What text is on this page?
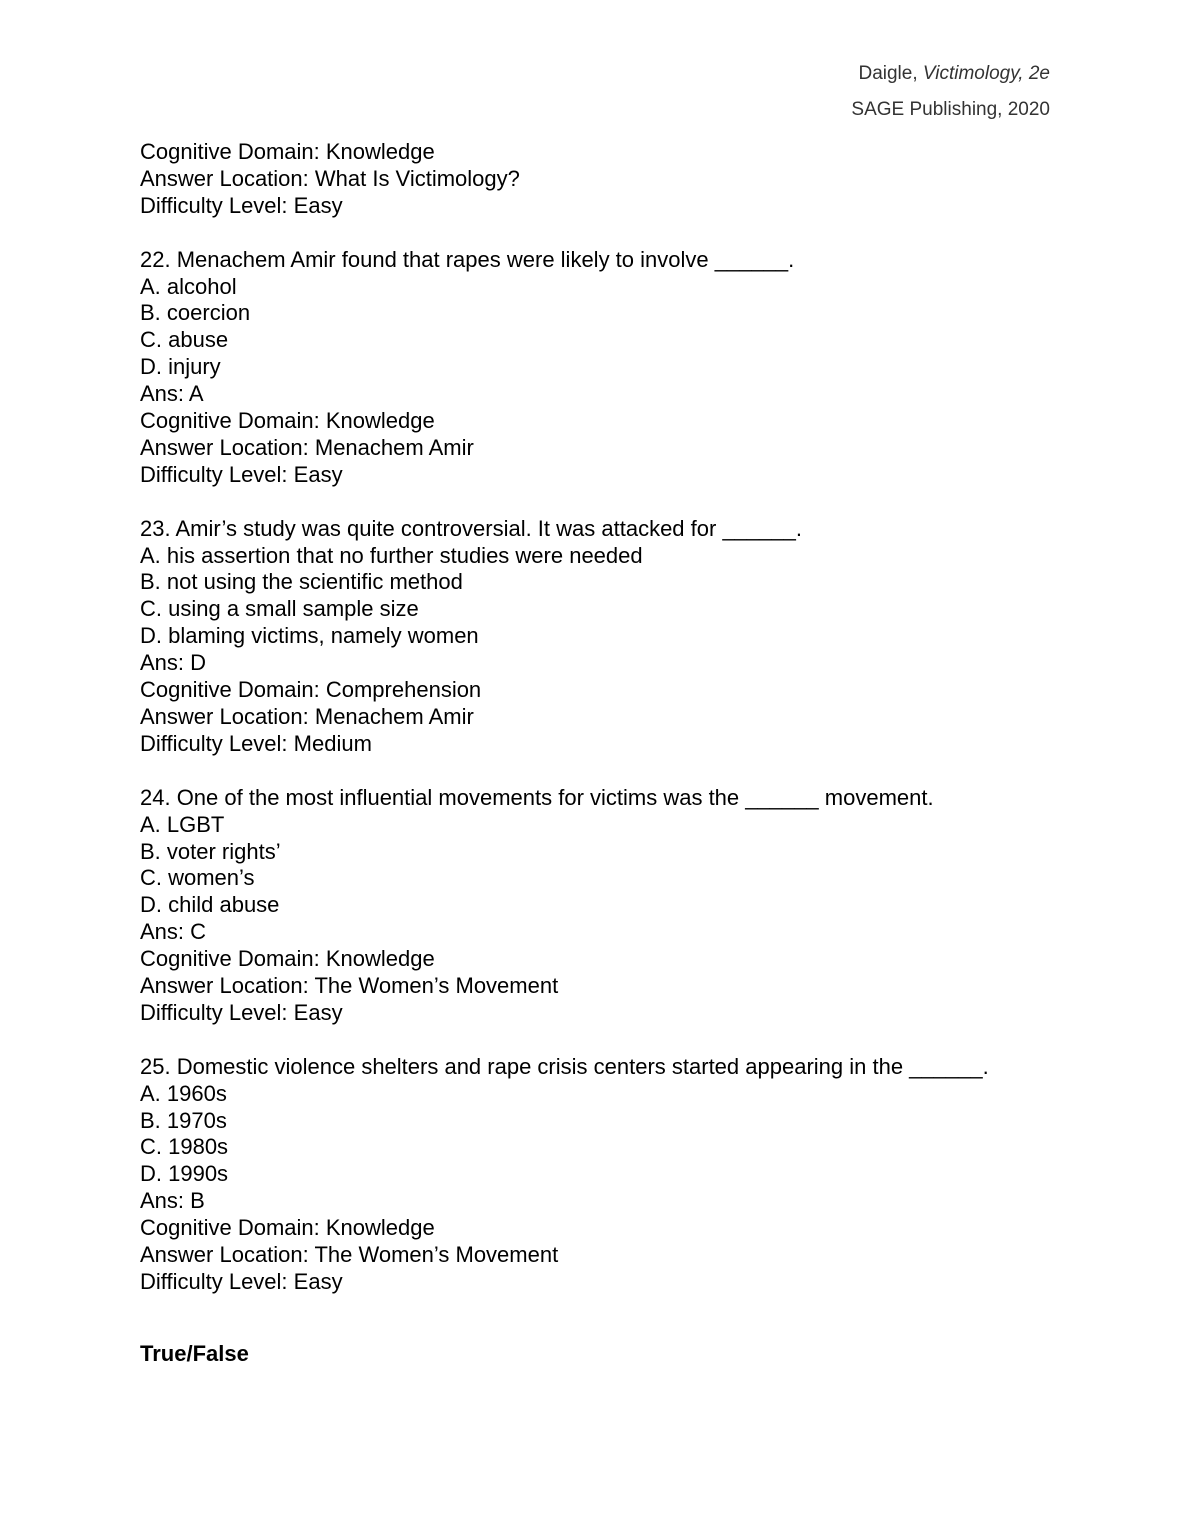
Daigle, Victimology, 2e
SAGE Publishing, 2020

Cognitive Domain: Knowledge

Answer Location: What Is Victimology?

Difficulty Level: Easy

22. Menachem Amir found that rapes were likely to involve ______.

A. alcohol

B. coercion

C. abuse

D. injury

Ans: A

Cognitive Domain: Knowledge

Answer Location: Menachem Amir

Difficulty Level: Easy

23. Amir’s study was quite controversial. It was attacked for ______.

A. his assertion that no further studies were needed

B. not using the scientific method

C. using a small sample size

D. blaming victims, namely women

Ans: D

Cognitive Domain: Comprehension

Answer Location: Menachem Amir

Difficulty Level: Medium

24. One of the most influential movements for victims was the ______ movement.

A. LGBT

B. voter rights’

C. women’s

D. child abuse

Ans: C

Cognitive Domain: Knowledge

Answer Location: The Women’s Movement

Difficulty Level: Easy

25. Domestic violence shelters and rape crisis centers started appearing in the ______.

A. 1960s

B. 1970s

C. 1980s

D. 1990s

Ans: B

Cognitive Domain: Knowledge

Answer Location: The Women’s Movement

Difficulty Level: Easy

True/False
